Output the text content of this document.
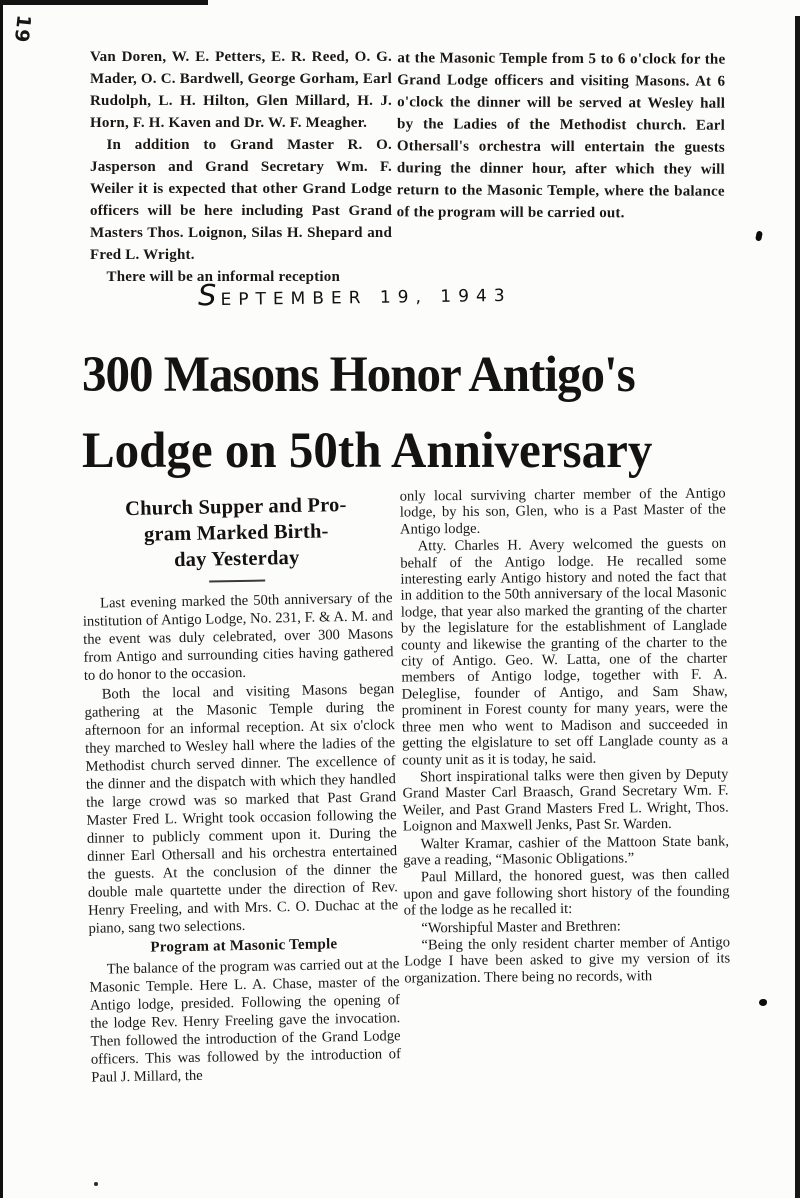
19

Van Doren, W. E. Petters, E. R. Reed, O. G. Mader, O. C. Bardwell, George Gorham, Earl Rudolph, L. H. Hilton, Glen Millard, H. J. Horn, F. H. Kaven and Dr. W. F. Meagher.

In addition to Grand Master R. O. Jasperson and Grand Secretary Wm. F. Weiler it is expected that other Grand Lodge officers will be here including Past Grand Masters Thos. Loignon, Silas H. Shepard and Fred L. Wright.

There will be an informal reception

at the Masonic Temple from 5 to 6 o'clock for the Grand Lodge officers and visiting Masons. At 6 o'clock the dinner will be served at Wesley hall by the Ladies of the Methodist church. Earl Othersall's orchestra will entertain the guests during the dinner hour, after which they will return to the Masonic Temple, where the balance of the program will be carried out.

SEPTEMBER 19, 1943
300 Masons Honor Antigo's
Lodge on 50th Anniversary
Church Supper and Pro-
gram Marked Birth-
day Yesterday

Last evening marked the 50th anniversary of the institution of Antigo Lodge, No. 231, F. & A. M. and the event was duly celebrated, over 300 Masons from Antigo and surrounding cities having gathered to do honor to the occasion.

Both the local and visiting Masons began gathering at the Masonic Temple during the afternoon for an informal reception. At six o'clock they marched to Wesley hall where the ladies of the Methodist church served dinner. The excellence of the dinner and the dispatch with which they handled the large crowd was so marked that Past Grand Master Fred L. Wright took occasion following the dinner to publicly comment upon it. During the dinner Earl Othersall and his orchestra entertained the guests. At the conclusion of the dinner the double male quartette under the direction of Rev. Henry Freeling, and with Mrs. C. O. Duchac at the piano, sang two selections.

Program at Masonic Temple

The balance of the program was carried out at the Masonic Temple. Here L. A. Chase, master of the Antigo lodge, presided. Following the opening of the lodge Rev. Henry Freeling gave the invocation. Then followed the introduction of the Grand Lodge officers. This was followed by the introduction of Paul J. Millard, the

only local surviving charter member of the Antigo lodge, by his son, Glen, who is a Past Master of the Antigo lodge.

Atty. Charles H. Avery welcomed the guests on behalf of the Antigo lodge. He recalled some interesting early Antigo history and noted the fact that in addition to the 50th anniversary of the local Masonic lodge, that year also marked the granting of the charter by the legislature for the establishment of Langlade county and likewise the granting of the charter to the city of Antigo. Geo. W. Latta, one of the charter members of Antigo lodge, together with F. A. Deleglise, founder of Antigo, and Sam Shaw, prominent in Forest county for many years, were the three men who went to Madison and succeeded in getting the elgislature to set off Langlade county as a county unit as it is today, he said.

Short inspirational talks were then given by Deputy Grand Master Carl Braasch, Grand Secretary Wm. F. Weiler, and Past Grand Masters Fred L. Wright, Thos. Loignon and Maxwell Jenks, Past Sr. Warden.

Walter Kramar, cashier of the Mattoon State bank, gave a reading, “Masonic Obligations.”

Paul Millard, the honored guest, was then called upon and gave following short history of the founding of the lodge as he recalled it:

“Worshipful Master and Brethren:

“Being the only resident charter member of Antigo Lodge I have been asked to give my version of its organization. There being no records, with
